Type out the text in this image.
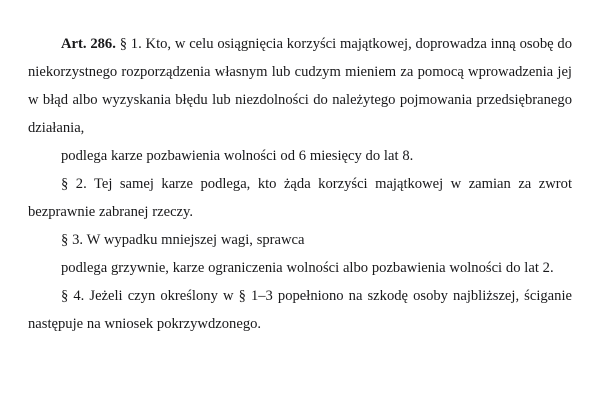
Art. 286. § 1. Kto, w celu osiągnięcia korzyści majątkowej, doprowadza inną osobę do niekorzystnego rozporządzenia własnym lub cudzym mieniem za pomocą wprowadzenia jej w błąd albo wyzyskania błędu lub niezdolności do należytego pojmowania przedsiębranego działania,

podlega karze pozbawienia wolności od 6 miesięcy do lat 8.

§ 2. Tej samej karze podlega, kto żąda korzyści majątkowej w zamian za zwrot bezprawnie zabranej rzeczy.

§ 3. W wypadku mniejszej wagi, sprawca

podlega grzywnie, karze ograniczenia wolności albo pozbawienia wolności do lat 2.

§ 4. Jeżeli czyn określony w § 1–3 popełniono na szkodę osoby najbliższej, ściganie następuje na wniosek pokrzywdzonego.
